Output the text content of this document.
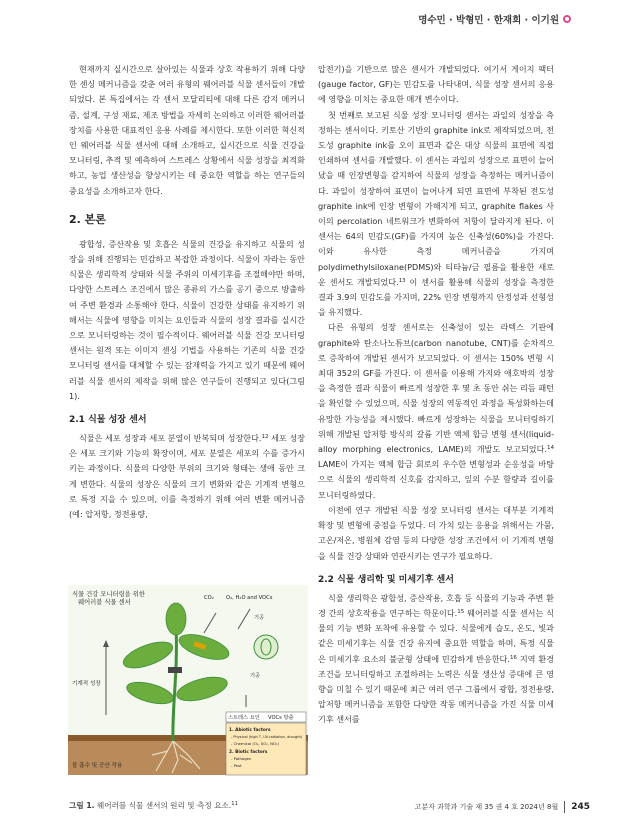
명수민 · 박형민 · 한재희 · 이기원

현재까지 실시간으로 살아있는 식물과 상호 작용하기 위해 다양한 센싱 메커니즘을 갖춘 여러 유형의 웨어러블 식물 센서들이 개발되었다. 본 특집에서는 각 센서 모달리티에 대해 다른 감지 메커니즘, 설계, 구성 재료, 제조 방법을 자세히 논의하고 이러한 웨어러블 장치를 사용한 대표적인 응용 사례를 제시한다. 또한 이러한 혁신적인 웨어러블 식물 센서에 대해 소개하고, 실시간으로 식물 건강을 모니터링, 추적 및 예측하여 스트레스 상황에서 식물 성장을 최적화하고, 농업 생산성을 향상시키는 데 중요한 역할을 하는 연구들의 중요성을 소개하고자 한다.

2. 본론

광합성, 증산작용 및 호흡은 식물의 건강을 유지하고 식물의 성장을 위해 진행되는 민감하고 복잡한 과정이다. 식물이 자라는 동안 식물은 생리학적 상태와 식물 주위의 미세기후를 조절해야만 하며, 다양한 스트레스 조건에서 많은 종류의 가스를 공기 중으로 방출하여 주변 환경과 소통해야 한다. 식물이 건강한 상태를 유지하기 위해서는 식물에 영향을 미치는 요인들과 식물의 성장 결과를 실시간으로 모니터링하는 것이 필수적이다. 웨어러블 식물 건강 모니터링 센서는 원격 또는 이미지 센싱 기법을 사용하는 기존의 식물 건강 모니터링 센서를 대체할 수 있는 잠재력을 가지고 있기 때문에 웨어러블 식물 센서의 제작을 위해 많은 연구들이 진행되고 있다(그림 1).

2.1 식물 성장 센서

식물은 세포 성장과 세포 분열이 반복되며 성장한다.$^{12}$ 세포 성장은 세포 크기와 기능의 확장이며, 세포 분열은 세포의 수를 증가시키는 과정이다. 식물의 다양한 부위의 크기와 형태는 생애 동안 크게 변한다. 식물의 성장은 식물의 크기 변화와 같은 기계적 변형으로 특정 지을 수 있으며, 이를 측정하기 위해 여러 변환 메커니즘(예: 압저항, 정전용량,

압전기)을 기반으로 많은 센서가 개발되었다. 여기서 게이지 팩터(gauge factor, GF)는 민감도를 나타내며, 식물 성장 센서의 응용에 영향을 미치는 중요한 매개 변수이다.

첫 번째로 보고된 식물 성장 모니터링 센서는 과일의 성장을 측정하는 센서이다. 키토산 기반의 graphite ink로 제작되었으며, 전도성 graphite ink를 오이 표면과 같은 대상 식물의 표면에 직접 인쇄하여 센서를 개발했다. 이 센서는 과일의 성장으로 표면이 늘어났을 때 인장변형을 감지하여 식물의 성장을 측정하는 메커니즘이다. 과일이 성장하여 표면이 늘어나게 되면 표면에 부착된 전도성 graphite ink에 인장 변형이 가해지게 되고, graphite flakes 사이의 percolation 네트워크가 변화하여 저항이 달라지게 된다. 이 센서는 64의 민감도(GF)를 가지며 높은 신축성(60%)을 가진다. 이와 유사한 측정 메커니즘을 가지며 polydimethylsiloxane(PDMS)와 티타늄/금 필름을 활용한 새로운 센서도 개발되었다.$^{13}$ 이 센서를 활용해 식물의 성장을 측정한 결과 3.9의 민감도를 가지며, 22% 인장 변형까지 안정성과 선형성을 유지했다.

다른 유형의 성장 센서로는 신축성이 있는 라텍스 기판에 graphite와 탄소나노튜브(carbon nanotube, CNT)를 순차적으로 증착하여 개발된 센서가 보고되었다. 이 센서는 150% 변형 시 최대 352의 GF를 가진다. 이 센서를 이용해 가지와 애호박의 성장을 측정한 결과 식물이 빠르게 성장한 후 몇 초 동안 쉬는 리듬 패턴을 확인할 수 있었으며, 식물 성장의 역동적인 과정을 특성화하는데 유망한 가능성을 제시했다. 빠르게 성장하는 식물을 모니터링하기 위해 개발된 압저항 방식의 갈륨 기반 액체 합금 변형 센서(liquid-alloy morphing electronics, LAME)의 개발도 보고되었다.$^{14}$ LAME이 가지는 액체 합금 회로의 우수한 변형성과 순응성을 바탕으로 식물의 생리학적 신호를 감지하고, 잎의 수분 함량과 길이를 모니터링하였다.

이전에 연구 개발된 식물 성장 모니터링 센서는 대부분 기계적 확장 및 변형에 중점을 두었다. 더 가치 있는 응용을 위해서는 가뭄, 고온/저온, 병원체 감염 등의 다양한 성장 조건에서 이 기계적 변형을 식물 건강 상태와 연관시키는 연구가 필요하다.

2.2 식물 생리학 및 미세기후 센서

식물 생리학은 광합성, 증산작용, 호흡 등 식물의 기능과 주변 환경 간의 상호작용을 연구하는 학문이다.$^{15}$ 웨어러블 식물 센서는 식물의 기능 변화 포착에 유용할 수 있다. 식물에게 습도, 온도, 빛과 같은 미세기후는 식물 건강 유지에 중요한 역할을 하며, 특정 식물은 미세기후 요소의 불균형 상태에 민감하게 반응한다.$^{16}$ 지역 환경 조건을 모니터링하고 조절하려는 노력은 식물 생산성 증대에 큰 영향을 미칠 수 있기 때문에 최근 여러 연구 그룹에서 광합, 정전용량, 압저항 메커니즘을 포함한 다양한 작동 메커니즘을 가진 식물 미세기후 센서를

식물 건강 모니터링을 위한
웨어러블 식물 센서
CO₂ O₂, H₂O and VOCs
기공
기계적 성장
기공
물 흡수 및 증산 작용
스트레스 요인 VOCs 방출
1. Abiotic factors
- Physical (high T, UV-radiation, drought)
- Chemical (O₃, SO₂, NO₂)
2. Biotic factors
- Pathogen
- Pest
그림 1. 웨어러블 식물 센서의 원리 및 측정 요소.$^{11}$	고분자 과학과 기술 제 35 권 4 호 2024년 8월 245
